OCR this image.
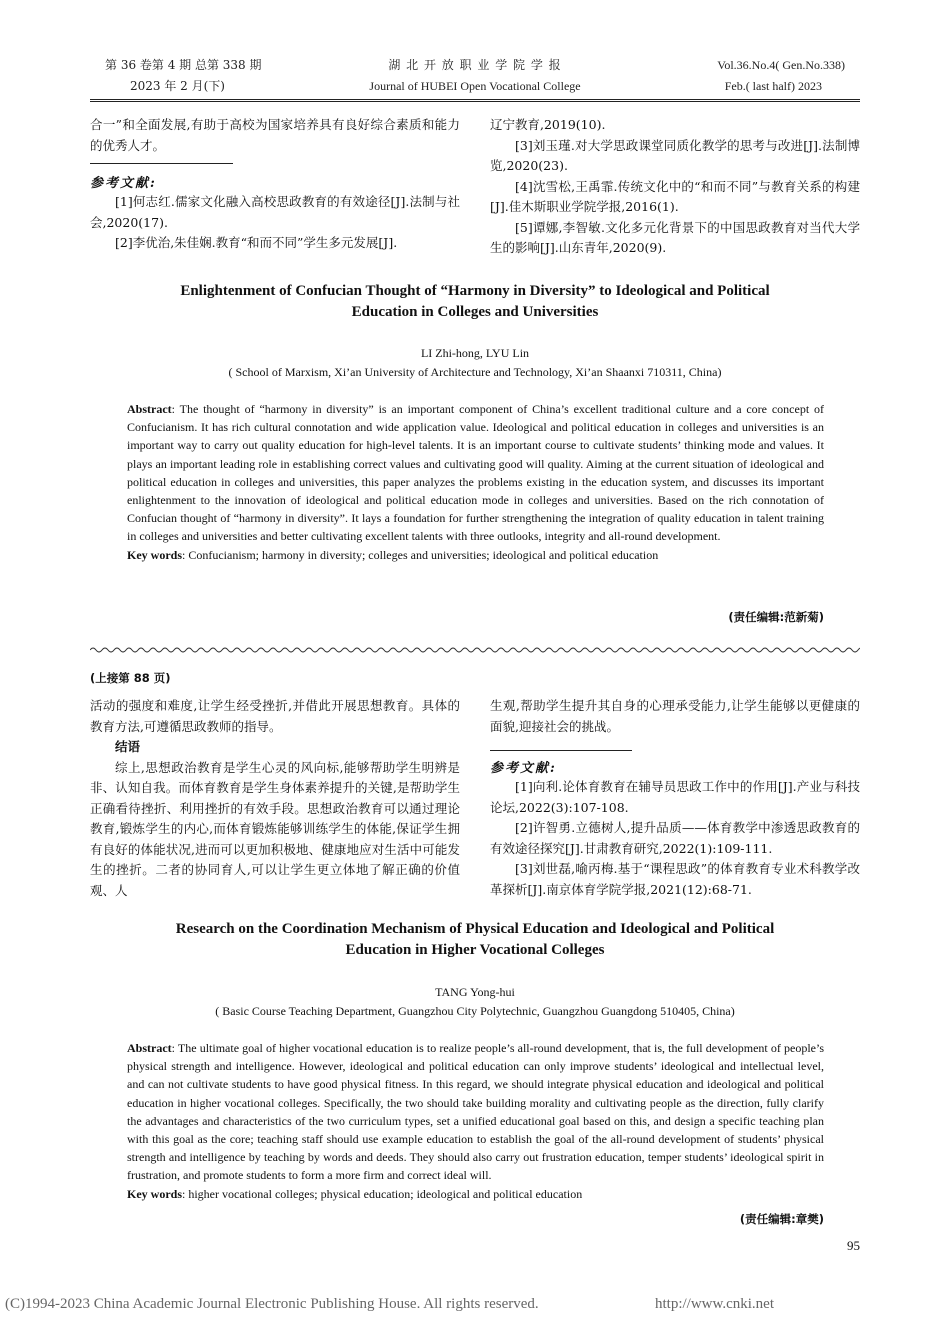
第 36 卷第 4 期 总第 338 期
2023 年 2 月(下)
湖 北 开 放 职 业 学 院 学 报
Journal of HUBEI Open Vocational College
Vol.36.No.4( Gen.No.338)
Feb.( last half) 2023

合一”和全面发展,有助于高校为国家培养具有良好综合素质和能力的优秀人才。

参考文献:

[1]何志红.儒家文化融入高校思政教育的有效途径[J].法制与社会,2020(17).

[2]李优治,朱佳娴.教育“和而不同”学生多元发展[J].

辽宁教育,2019(10).

[3]刘玉瑾.对大学思政课堂同质化教学的思考与改进[J].法制博览,2020(23).

[4]沈雪松,王禹霏.传统文化中的“和而不同”与教育关系的构建[J].佳木斯职业学院学报,2016(1).

[5]谭娜,李智敏.文化多元化背景下的中国思政教育对当代大学生的影响[J].山东青年,2020(9).

Enlightenment of Confucian Thought of “Harmony in Diversity” to Ideological and Political
Education in Colleges and Universities
LI Zhi-hong, LYU Lin
( School of Marxism, Xi’an University of Architecture and Technology, Xi’an Shaanxi 710311, China)

Abstract: The thought of “harmony in diversity” is an important component of China’s excellent traditional culture and a core concept of Confucianism. It has rich cultural connotation and wide application value. Ideological and political education in colleges and universities is an important way to carry out quality education for high-level talents. It is an important course to cultivate students’ thinking mode and values. It plays an important leading role in establishing correct values and cultivating good will quality. Aiming at the current situation of ideological and political education in colleges and universities, this paper analyzes the problems existing in the education system, and discusses its important enlightenment to the innovation of ideological and political education mode in colleges and universities. Based on the rich connotation of Confucian thought of “harmony in diversity”. It lays a foundation for further strengthening the integration of quality education in talent training in colleges and universities and better cultivating excellent talents with three outlooks, integrity and all-round development.

Key words: Confucianism; harmony in diversity; colleges and universities; ideological and political education

(责任编辑:范新菊)
(上接第 88 页)

活动的强度和难度,让学生经受挫折,并借此开展思想教育。具体的教育方法,可遵循思政教师的指导。

结语

综上,思想政治教育是学生心灵的风向标,能够帮助学生明辨是非、认知自我。而体育教育是学生身体素养提升的关键,是帮助学生正确看待挫折、利用挫折的有效手段。思想政治教育可以通过理论教育,锻炼学生的内心,而体育锻炼能够训练学生的体能,保证学生拥有良好的体能状况,进而可以更加积极地、健康地应对生活中可能发生的挫折。二者的协同育人,可以让学生更立体地了解正确的价值观、人

生观,帮助学生提升其自身的心理承受能力,让学生能够以更健康的面貌,迎接社会的挑战。

参考文献:

[1]向利.论体育教育在辅导员思政工作中的作用[J].产业与科技论坛,2022(3):107-108.

[2]许智勇.立德树人,提升品质——体育教学中渗透思政教育的有效途径探究[J].甘肃教育研究,2022(1):109-111.

[3]刘世磊,喻丙梅.基于“课程思政”的体育教育专业术科教学改革探析[J].南京体育学院学报,2021(12):68-71.

Research on the Coordination Mechanism of Physical Education and Ideological and Political
Education in Higher Vocational Colleges
TANG Yong-hui
( Basic Course Teaching Department, Guangzhou City Polytechnic, Guangzhou Guangdong 510405, China)

Abstract: The ultimate goal of higher vocational education is to realize people’s all-round development, that is, the full development of people’s physical strength and intelligence. However, ideological and political education can only improve students’ ideological and intellectual level, and can not cultivate students to have good physical fitness. In this regard, we should integrate physical education and ideological and political education in higher vocational colleges. Specifically, the two should take building morality and cultivating people as the direction, fully clarify the advantages and characteristics of the two curriculum types, set a unified educational goal based on this, and design a specific teaching plan with this goal as the core; teaching staff should use example education to establish the goal of the all-round development of students’ physical strength and intelligence by teaching by words and deeds. They should also carry out frustration education, temper students’ ideological spirit in frustration, and promote students to form a more firm and correct ideal will.

Key words: higher vocational colleges; physical education; ideological and political education

(责任编辑:章樊)
95
(C)1994-2023 China Academic Journal Electronic Publishing House. All rights reserved.	http://www.cnki.net
